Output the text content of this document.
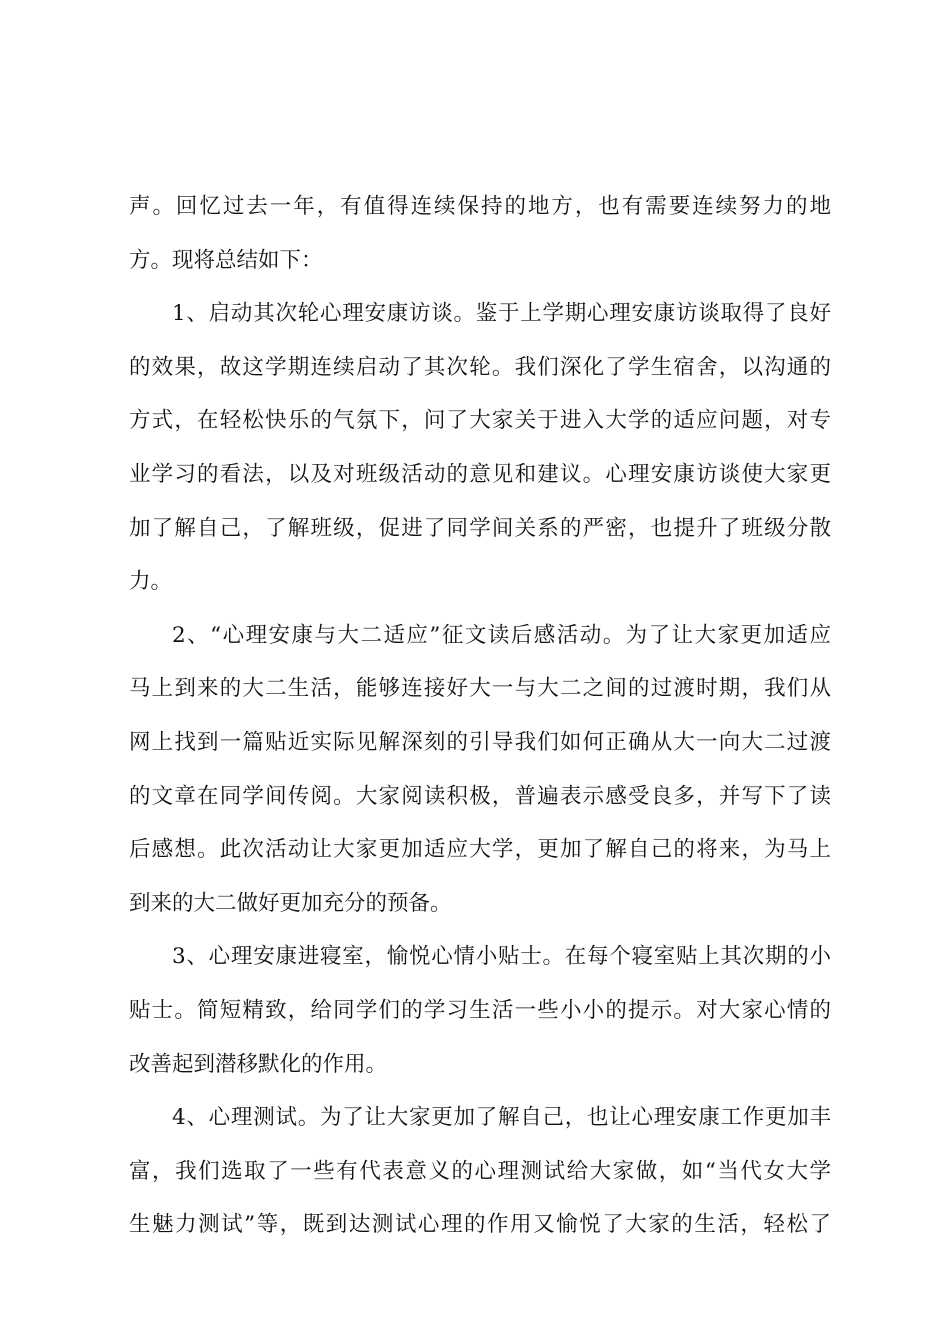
声。回忆过去一年，有值得连续保持的地方，也有需要连续努力的地
方。现将总结如下：
1、启动其次轮心理安康访谈。鉴于上学期心理安康访谈取得了良好
的效果，故这学期连续启动了其次轮。我们深化了学生宿舍，以沟通的
方式，在轻松快乐的气氛下，问了大家关于进入大学的适应问题，对专
业学习的看法，以及对班级活动的意见和建议。心理安康访谈使大家更
加了解自己，了解班级，促进了同学间关系的严密，也提升了班级分散
力。
2、“心理安康与大二适应”征文读后感活动。为了让大家更加适应
马上到来的大二生活，能够连接好大一与大二之间的过渡时期，我们从
网上找到一篇贴近实际见解深刻的引导我们如何正确从大一向大二过渡
的文章在同学间传阅。大家阅读积极，普遍表示感受良多，并写下了读
后感想。此次活动让大家更加适应大学，更加了解自己的将来，为马上
到来的大二做好更加充分的预备。
3、心理安康进寝室，愉悦心情小贴士。在每个寝室贴上其次期的小
贴士。简短精致，给同学们的学习生活一些小小的提示。对大家心情的
改善起到潜移默化的作用。
4、心理测试。为了让大家更加了解自己，也让心理安康工作更加丰
富，我们选取了一些有代表意义的心理测试给大家做，如“当代女大学
生魅力测试”等，既到达测试心理的作用又愉悦了大家的生活，轻松了
